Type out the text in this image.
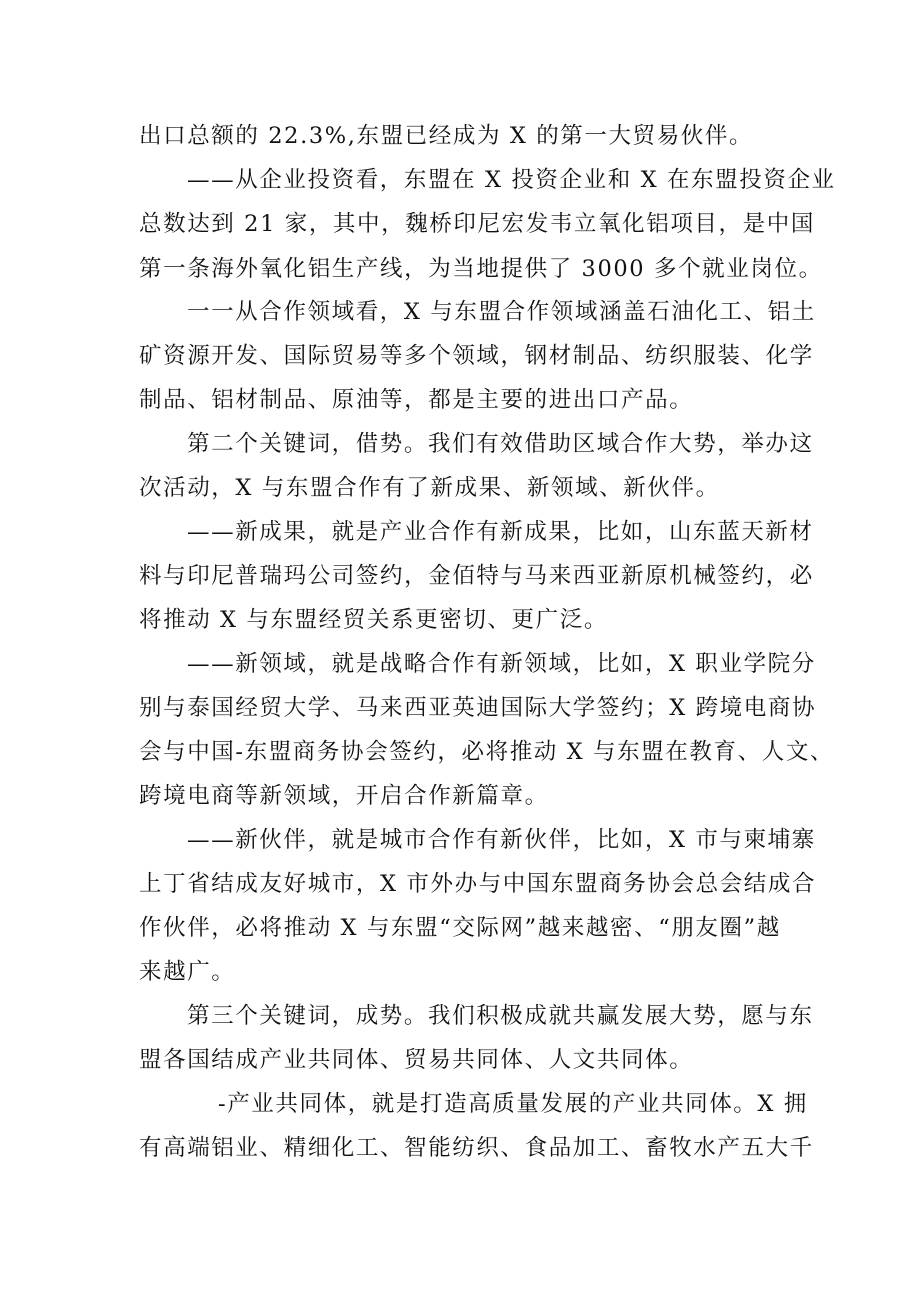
出口总额的 22.3%,东盟已经成为 X 的第一大贸易伙伴。

——从企业投资看，东盟在 X 投资企业和 X 在东盟投资企业

总数达到 21 家，其中，魏桥印尼宏发韦立氧化铝项目，是中国

第一条海外氧化铝生产线，为当地提供了 3000 多个就业岗位。

一一从合作领域看，X 与东盟合作领域涵盖石油化工、铝土

矿资源开发、国际贸易等多个领域，钢材制品、纺织服装、化学

制品、铝材制品、原油等，都是主要的进出口产品。

第二个关键词，借势。我们有效借助区域合作大势，举办这

次活动，X 与东盟合作有了新成果、新领域、新伙伴。

——新成果，就是产业合作有新成果，比如，山东蓝天新材

料与印尼普瑞玛公司签约，金佰特与马来西亚新原机械签约，必

将推动 X 与东盟经贸关系更密切、更广泛。

——新领域，就是战略合作有新领域，比如，X 职业学院分

别与泰国经贸大学、马来西亚英迪国际大学签约；X 跨境电商协

会与中国-东盟商务协会签约，必将推动 X 与东盟在教育、人文、

跨境电商等新领域，开启合作新篇章。

——新伙伴，就是城市合作有新伙伴，比如，X 市与柬埔寨

上丁省结成友好城市，X 市外办与中国东盟商务协会总会结成合

作伙伴，必将推动 X 与东盟“交际网”越来越密、“朋友圈”越

来越广。

第三个关键词，成势。我们积极成就共赢发展大势，愿与东

盟各国结成产业共同体、贸易共同体、人文共同体。

-产业共同体，就是打造高质量发展的产业共同体。X 拥

有高端铝业、精细化工、智能纺织、食品加工、畜牧水产五大千
